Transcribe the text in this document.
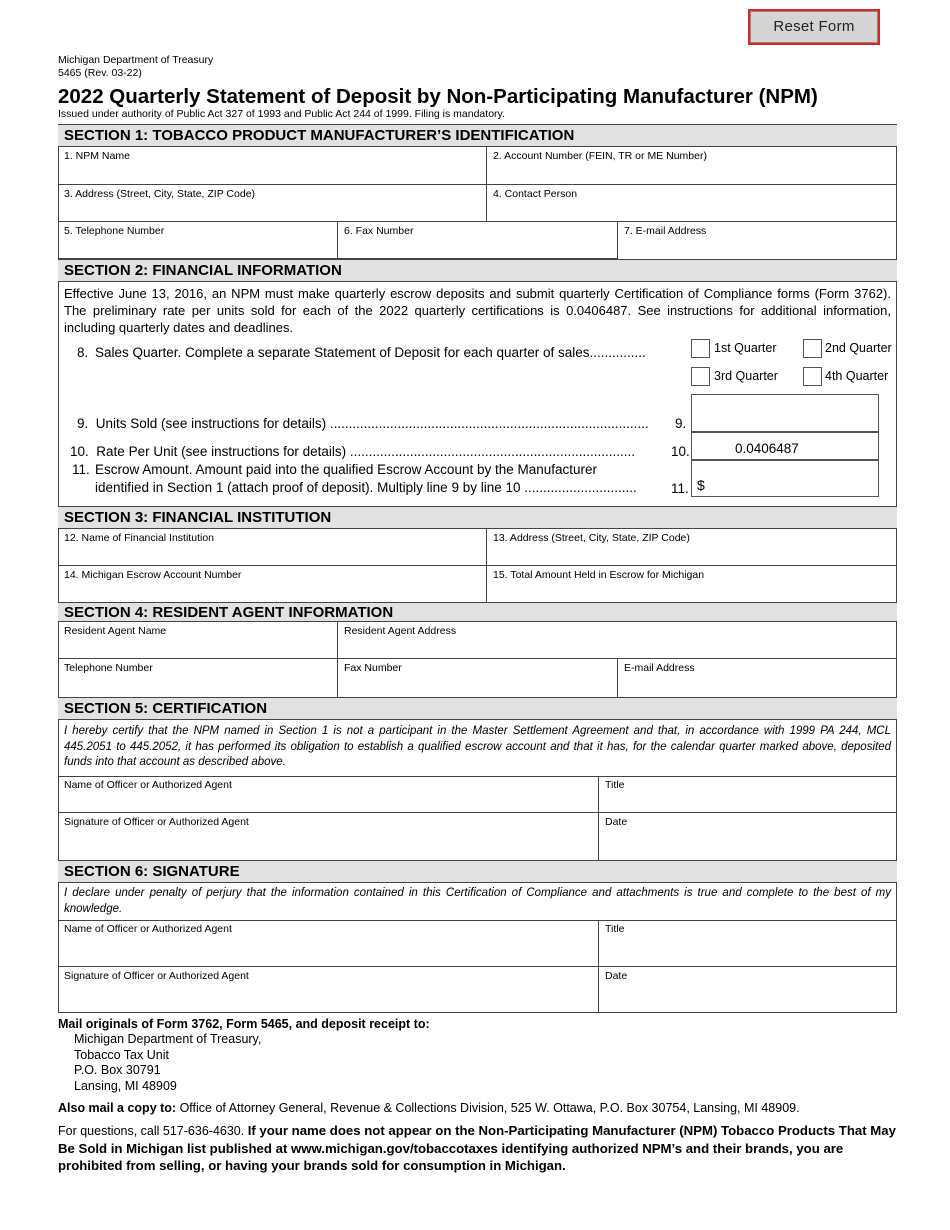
Reset Form
Michigan Department of Treasury
5465 (Rev. 03-22)
2022 Quarterly Statement of Deposit by Non-Participating Manufacturer (NPM)
Issued under authority of Public Act 327 of 1993 and Public Act 244 of 1999. Filing is mandatory.
SECTION 1: TOBACCO PRODUCT MANUFACTURER’S IDENTIFICATION
1. NPM Name	2. Account Number (FEIN, TR or ME Number)
3. Address (Street, City, State, ZIP Code)	4. Contact Person
5. Telephone Number	6. Fax Number	7. E-mail Address
SECTION 2: FINANCIAL INFORMATION
Effective June 13, 2016, an NPM must make quarterly escrow deposits and submit quarterly Certification of Compliance forms (Form 3762). The preliminary rate per units sold for each of the 2022 quarterly certifications is 0.0406487. See instructions for additional information, including quarterly dates and deadlines.
8. Sales Quarter. Complete a separate Statement of Deposit for each quarter of sales...............	1st Quarter	2nd Quarter
3rd Quarter	4th Quarter
9. Units Sold (see instructions for details) .....................................................................................	9.
10. Rate Per Unit (see instructions for details) ............................................................................	10.	0.0406487
11. Escrow Amount. Amount paid into the qualified Escrow Account by the Manufacturer
identified in Section 1 (attach proof of deposit). Multiply line 9 by line 10 ..............................	11. $
SECTION 3: FINANCIAL INSTITUTION
12. Name of Financial Institution	13. Address (Street, City, State, ZIP Code)
14. Michigan Escrow Account Number	15. Total Amount Held in Escrow for Michigan
SECTION 4: RESIDENT AGENT INFORMATION
Resident Agent Name	Resident Agent Address
Telephone Number	Fax Number	E-mail Address
SECTION 5: CERTIFICATION
I hereby certify that the NPM named in Section 1 is not a participant in the Master Settlement Agreement and that, in accordance with 1999 PA 244, MCL 445.2051 to 445.2052, it has performed its obligation to establish a qualified escrow account and that it has, for the calendar quarter marked above, deposited funds into that account as described above.
Name of Officer or Authorized Agent	Title
Signature of Officer or Authorized Agent	Date
SECTION 6: SIGNATURE
I declare under penalty of perjury that the information contained in this Certification of Compliance and attachments is true and complete to the best of my knowledge.
Name of Officer or Authorized Agent	Title
Signature of Officer or Authorized Agent	Date
Mail originals of Form 3762, Form 5465, and deposit receipt to:
Michigan Department of Treasury,
Tobacco Tax Unit
P.O. Box 30791
Lansing, MI 48909
Also mail a copy to: Office of Attorney General, Revenue & Collections Division, 525 W. Ottawa, P.O. Box 30754, Lansing, MI 48909.
For questions, call 517-636-4630. If your name does not appear on the Non-Participating Manufacturer (NPM) Tobacco Products That May Be Sold in Michigan list published at www.michigan.gov/tobaccotaxes identifying authorized NPM’s and their brands, you are prohibited from selling, or having your brands sold for consumption in Michigan.
